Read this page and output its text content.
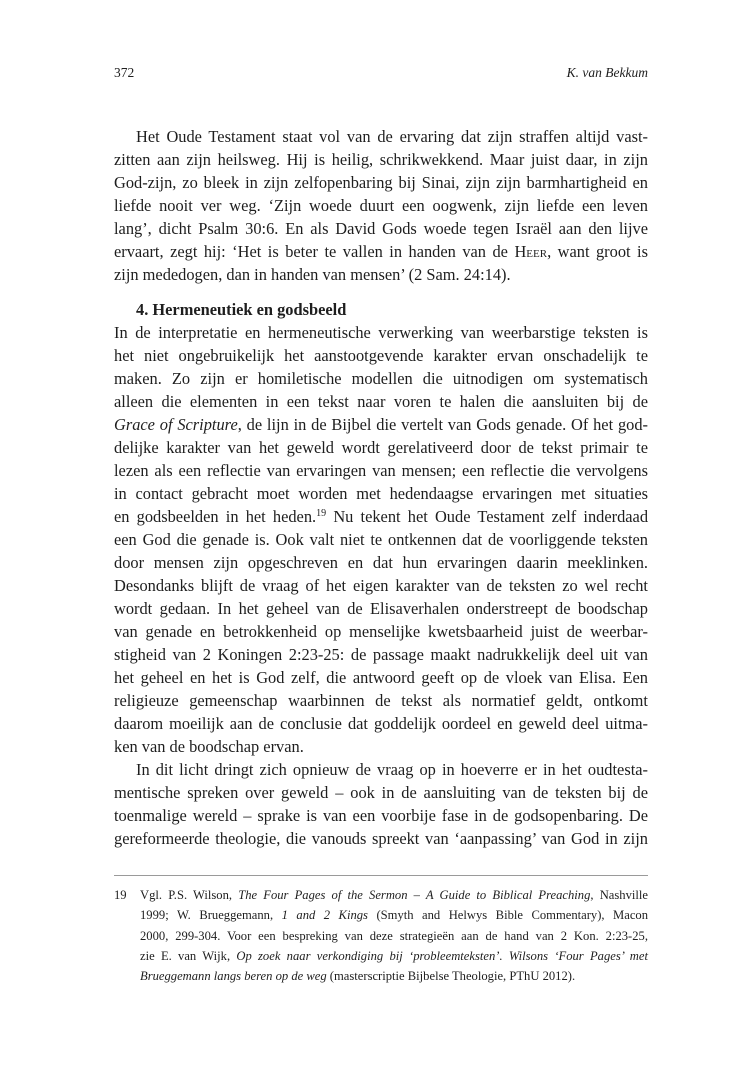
372	K. van Bekkum
Het Oude Testament staat vol van de ervaring dat zijn straffen altijd vast-
zitten aan zijn heilsweg. Hij is heilig, schrikwekkend. Maar juist daar, in zijn
God-zijn, zo bleek in zijn zelfopenbaring bij Sinai, zijn zijn barmhartigheid en
liefde nooit ver weg. ‘Zijn woede duurt een oogwenk, zijn liefde een leven
lang’, dicht Psalm 30:6. En als David Gods woede tegen Israël aan den lijve
ervaart, zegt hij: ‘Het is beter te vallen in handen van de Heer, want groot is
zijn mededogen, dan in handen van mensen’ (2 Sam. 24:14).
4. Hermeneutiek en godsbeeld
In de interpretatie en hermeneutische verwerking van weerbarstige teksten is
het niet ongebruikelijk het aanstootgevende karakter ervan onschadelijk te
maken. Zo zijn er homiletische modellen die uitnodigen om systematisch
alleen die elementen in een tekst naar voren te halen die aansluiten bij de
Grace of Scripture, de lijn in de Bijbel die vertelt van Gods genade. Of het god-
delijke karakter van het geweld wordt gerelativeerd door de tekst primair te
lezen als een reflectie van ervaringen van mensen; een reflectie die vervolgens
in contact gebracht moet worden met hedendaagse ervaringen met situaties
en godsbeelden in het heden.$^{19}$ Nu tekent het Oude Testament zelf inderdaad
een God die genade is. Ook valt niet te ontkennen dat de voorliggende teksten
door mensen zijn opgeschreven en dat hun ervaringen daarin meeklinken.
Desondanks blijft de vraag of het eigen karakter van de teksten zo wel recht
wordt gedaan. In het geheel van de Elisaverhalen onderstreept de boodschap
van genade en betrokkenheid op menselijke kwetsbaarheid juist de weerbar-
stigheid van 2 Koningen 2:23-25: de passage maakt nadrukkelijk deel uit van
het geheel en het is God zelf, die antwoord geeft op de vloek van Elisa. Een
religieuze gemeenschap waarbinnen de tekst als normatief geldt, ontkomt
daarom moeilijk aan de conclusie dat goddelijk oordeel en geweld deel uitma-
ken van de boodschap ervan.
In dit licht dringt zich opnieuw de vraag op in hoeverre er in het oudtesta-
mentische spreken over geweld – ook in de aansluiting van de teksten bij de
toenmalige wereld – sprake is van een voorbije fase in de godsopenbaring. De
gereformeerde theologie, die vanouds spreekt van ‘aanpassing’ van God in zijn
19	Vgl. P.S. Wilson, The Four Pages of the Sermon – A Guide to Biblical Preaching, Nashville
1999; W. Brueggemann, 1 and 2 Kings (Smyth and Helwys Bible Commentary), Macon
2000, 299-304. Voor een bespreking van deze strategieën aan de hand van 2 Kon. 2:23-25,
zie E. van Wijk, Op zoek naar verkondiging bij ‘probleemteksten’. Wilsons ‘Four Pages’ met
Brueggemann langs beren op de weg (masterscriptie Bijbelse Theologie, PThU 2012).
